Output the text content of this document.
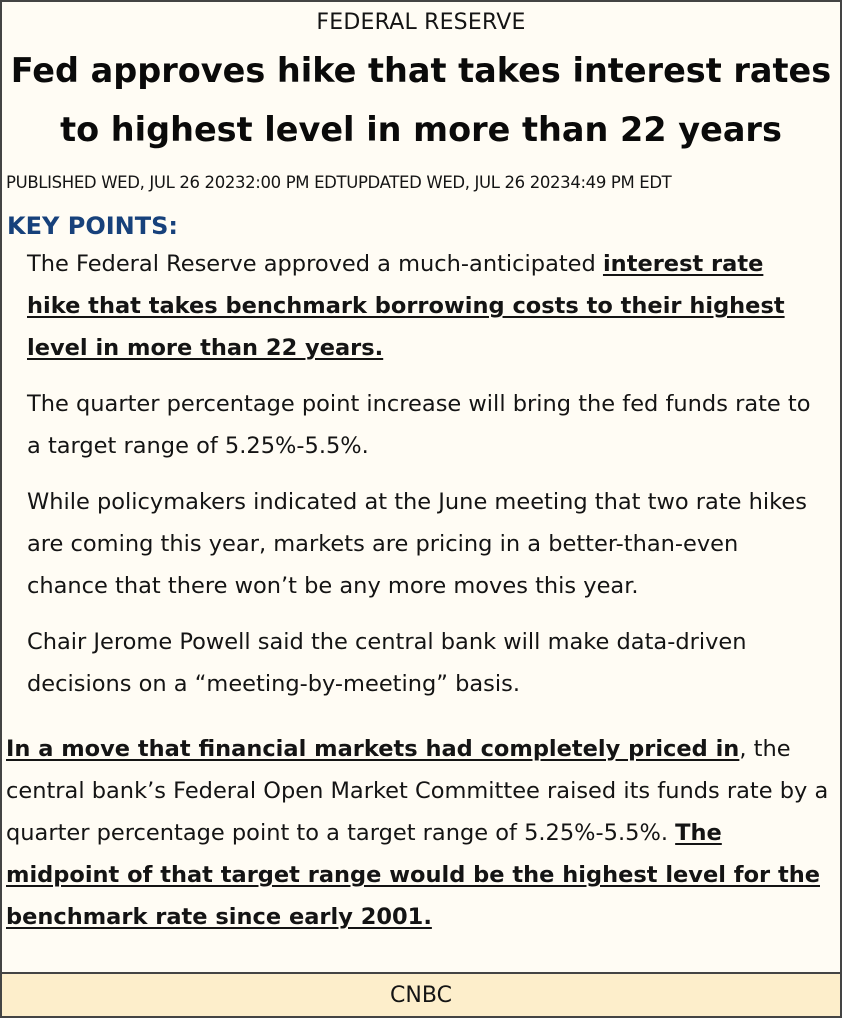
FEDERAL RESERVE
Fed approves hike that takes interest rates to highest level in more than 22 years
PUBLISHED WED, JUL 26 20232:00 PM EDTUPDATED WED, JUL 26 20234:49 PM EDT
KEY POINTS:
The Federal Reserve approved a much-anticipated interest rate hike that takes benchmark borrowing costs to their highest level in more than 22 years.
The quarter percentage point increase will bring the fed funds rate to a target range of 5.25%-5.5%.
While policymakers indicated at the June meeting that two rate hikes are coming this year, markets are pricing in a better-than-even chance that there won’t be any more moves this year.
Chair Jerome Powell said the central bank will make data-driven decisions on a “meeting-by-meeting” basis.

In a move that financial markets had completely priced in, the central bank’s Federal Open Market Committee raised its funds rate by a quarter percentage point to a target range of 5.25%-5.5%. The midpoint of that target range would be the highest level for the benchmark rate since early 2001.

CNBC
